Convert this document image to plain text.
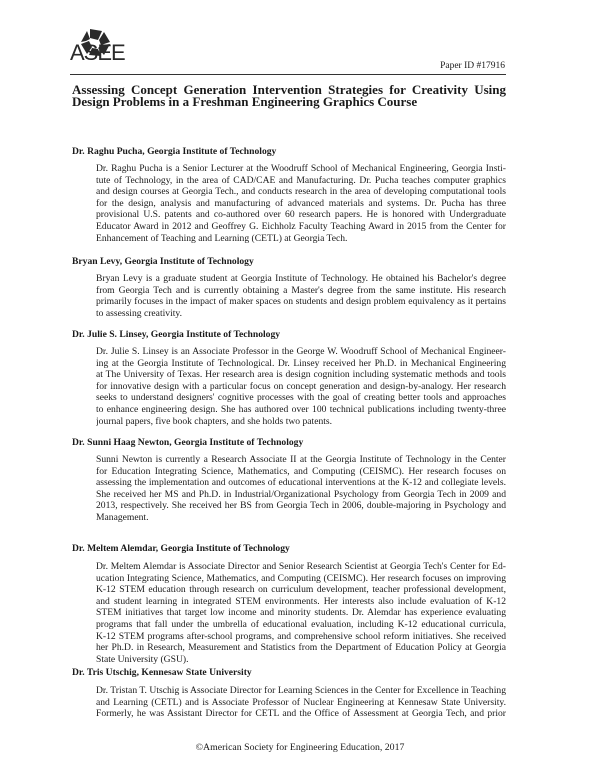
ASEE
Paper ID #17916
Assessing Concept Generation Intervention Strategies for Creativity Using
Design Problems in a Freshman Engineering Graphics Course
Dr. Raghu Pucha, Georgia Institute of Technology
Dr. Raghu Pucha is a Senior Lecturer at the Woodruff School of Mechanical Engineering, Georgia Insti-
tute of Technology, in the area of CAD/CAE and Manufacturing. Dr. Pucha teaches computer graphics
and design courses at Georgia Tech., and conducts research in the area of developing computational tools
for the design, analysis and manufacturing of advanced materials and systems. Dr. Pucha has three
provisional U.S. patents and co-authored over 60 research papers. He is honored with Undergraduate
Educator Award in 2012 and Geoffrey G. Eichholz Faculty Teaching Award in 2015 from the Center for
Enhancement of Teaching and Learning (CETL) at Georgia Tech.
Bryan Levy, Georgia Institute of Technology
Bryan Levy is a graduate student at Georgia Institute of Technology. He obtained his Bachelor's degree
from Georgia Tech and is currently obtaining a Master's degree from the same institute. His research
primarily focuses in the impact of maker spaces on students and design problem equivalency as it pertains
to assessing creativity.
Dr. Julie S. Linsey, Georgia Institute of Technology
Dr. Julie S. Linsey is an Associate Professor in the George W. Woodruff School of Mechanical Engineer-
ing at the Georgia Institute of Technological. Dr. Linsey received her Ph.D. in Mechanical Engineering
at The University of Texas. Her research area is design cognition including systematic methods and tools
for innovative design with a particular focus on concept generation and design-by-analogy. Her research
seeks to understand designers' cognitive processes with the goal of creating better tools and approaches
to enhance engineering design. She has authored over 100 technical publications including twenty-three
journal papers, five book chapters, and she holds two patents.
Dr. Sunni Haag Newton, Georgia Institute of Technology
Sunni Newton is currently a Research Associate II at the Georgia Institute of Technology in the Center
for Education Integrating Science, Mathematics, and Computing (CEISMC). Her research focuses on
assessing the implementation and outcomes of educational interventions at the K-12 and collegiate levels.
She received her MS and Ph.D. in Industrial/Organizational Psychology from Georgia Tech in 2009 and
2013, respectively. She received her BS from Georgia Tech in 2006, double-majoring in Psychology and
Management.
Dr. Meltem Alemdar, Georgia Institute of Technology
Dr. Meltem Alemdar is Associate Director and Senior Research Scientist at Georgia Tech's Center for Ed-
ucation Integrating Science, Mathematics, and Computing (CEISMC). Her research focuses on improving
K-12 STEM education through research on curriculum development, teacher professional development,
and student learning in integrated STEM environments. Her interests also include evaluation of K-12
STEM initiatives that target low income and minority students. Dr. Alemdar has experience evaluating
programs that fall under the umbrella of educational evaluation, including K-12 educational curricula,
K-12 STEM programs after-school programs, and comprehensive school reform initiatives. She received
her Ph.D. in Research, Measurement and Statistics from the Department of Education Policy at Georgia
State University (GSU).
Dr. Tris Utschig, Kennesaw State University
Dr. Tristan T. Utschig is Associate Director for Learning Sciences in the Center for Excellence in Teaching
and Learning (CETL) and is Associate Professor of Nuclear Engineering at Kennesaw State University.
Formerly, he was Assistant Director for CETL and the Office of Assessment at Georgia Tech, and prior
©American Society for Engineering Education, 2017
